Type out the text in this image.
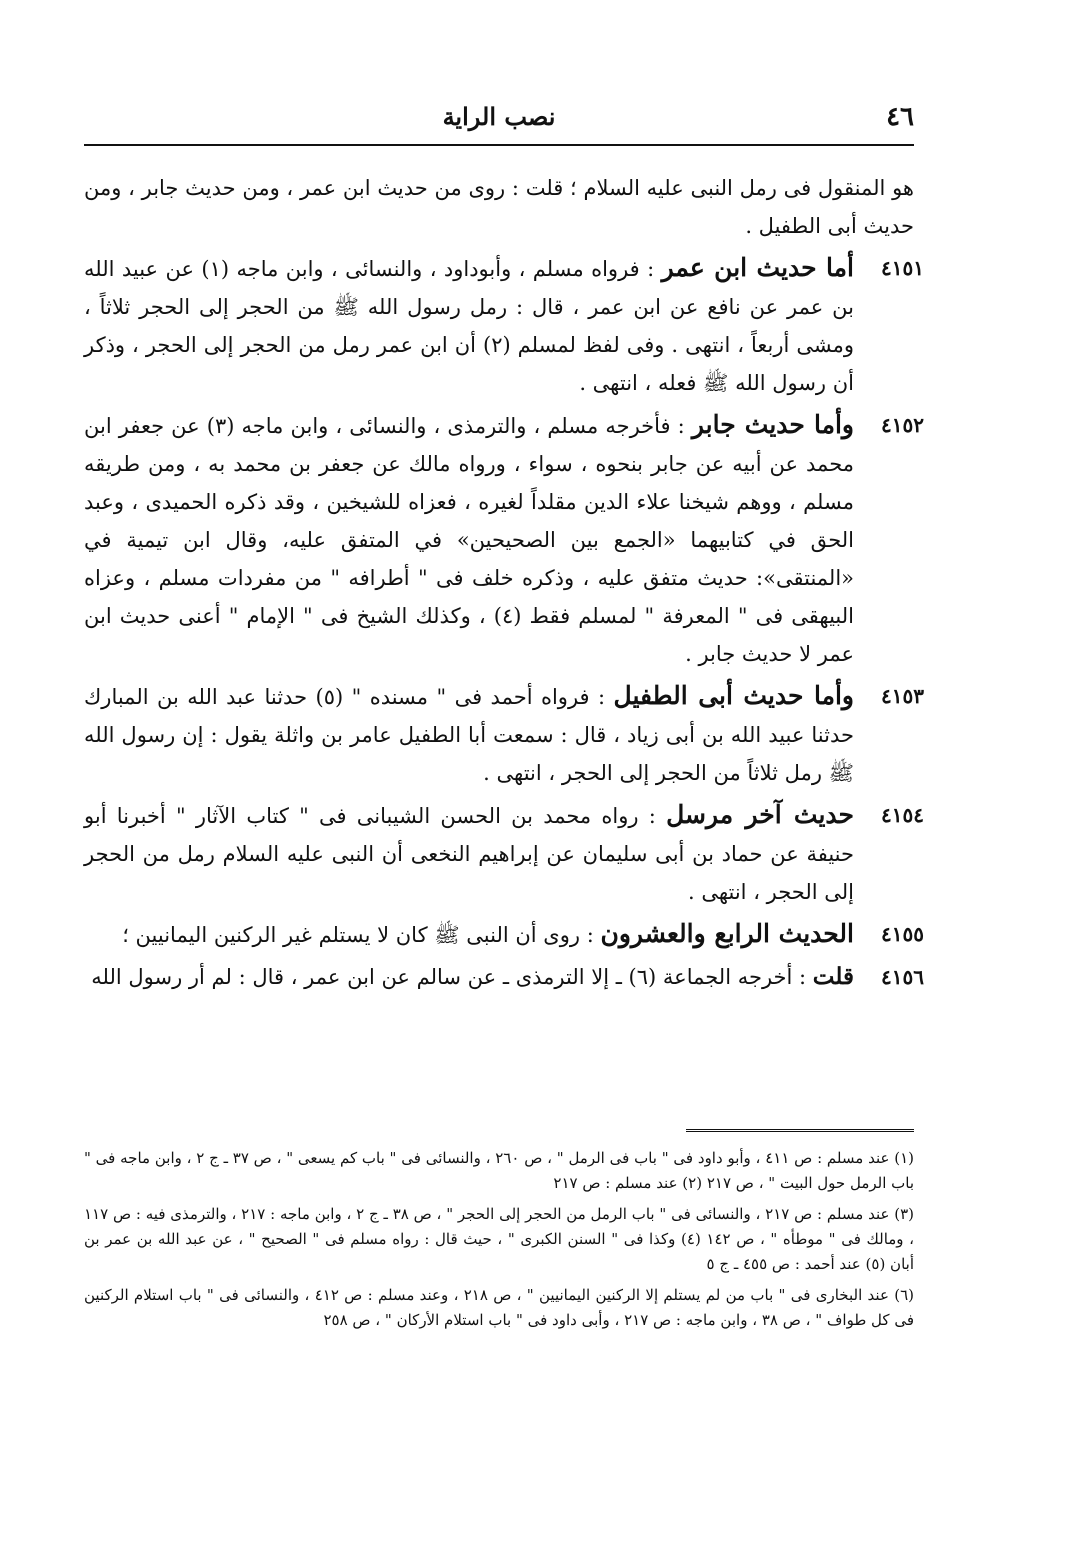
٤٦
نصب الراية

هو المنقول فى رمل النبى عليه السلام ؛ قلت : روى من حديث ابن عمر ، ومن حديث جابر ، ومن حديث أبى الطفيل .

٤١٥١
أما حديث ابن عمر : فرواه مسلم ، وأبوداود ، والنسائى ، وابن ماجه (١) عن عبيد الله بن عمر عن نافع عن ابن عمر ، قال : رمل رسول الله ﷺ من الحجر إلى الحجر ثلاثاً ، ومشى أربعاً ، انتهى . وفى لفظ لمسلم (٢) أن ابن عمر رمل من الحجر إلى الحجر ، وذكر أن رسول الله ﷺ فعله ، انتهى .

٤١٥٢
وأما حديث جابر : فأخرجه مسلم ، والترمذى ، والنسائى ، وابن ماجه (٣) عن جعفر ابن محمد عن أبيه عن جابر بنحوه ، سواء ، ورواه مالك عن جعفر بن محمد به ، ومن طريقه مسلم ، ووهم شيخنا علاء الدين مقلداً لغيره ، فعزاه للشيخين ، وقد ذكره الحميدى ، وعبد الحق في كتابيهما «الجمع بين الصحيحين» في المتفق عليه، وقال ابن تيمية في «المنتقى»: حديث متفق عليه ، وذكره خلف فى " أطرافه " من مفردات مسلم ، وعزاه البيهقى فى " المعرفة " لمسلم فقط (٤) ، وكذلك الشيخ فى " الإمام " أعنى حديث ابن عمر لا حديث جابر .

٤١٥٣
وأما حديث أبى الطفيل : فرواه أحمد فى " مسنده " (٥) حدثنا عبد الله بن المبارك حدثنا عبيد الله بن أبى زياد ، قال : سمعت أبا الطفيل عامر بن واثلة يقول : إن رسول الله ﷺ رمل ثلاثاً من الحجر إلى الحجر ، انتهى .

٤١٥٤
حديث آخر مرسل : رواه محمد بن الحسن الشيبانى فى " كتاب الآثار " أخبرنا أبو حنيفة عن حماد بن أبى سليمان عن إبراهيم النخعى أن النبى عليه السلام رمل من الحجر إلى الحجر ، انتهى .

٤١٥٥
الحديث الرابع والعشرون : روى أن النبى ﷺ كان لا يستلم غير الركنين اليمانيين ؛

٤١٥٦
قلت : أخرجه الجماعة (٦) ـ إلا الترمذى ـ عن سالم عن ابن عمر ، قال : لم أر رسول الله

(١) عند مسلم : ص ٤١١ ، وأبو داود فى " باب فى الرمل " ، ص ٢٦٠ ، والنسائى فى " باب كم يسعى " ، ص ٣٧ ـ ج ٢ ، وابن ماجه فى " باب الرمل حول البيت " ، ص ٢١٧ (٢) عند مسلم : ص ٢١٧

(٣) عند مسلم : ص ٢١٧ ، والنسائى فى " باب الرمل من الحجر إلى الحجر " ، ص ٣٨ ـ ج ٢ ، وابن ماجه : ٢١٧ ، والترمذى فيه : ص ١١٧ ، ومالك فى " موطأه " ، ص ١٤٢ (٤) وكذا فى " السنن الكبرى " ، حيث قال : رواه مسلم فى " الصحيح " ، عن عبد الله بن عمر بن أبان (٥) عند أحمد : ص ٤٥٥ ـ ج ٥

(٦) عند البخارى فى " باب من لم يستلم إلا الركنين اليمانيين " ، ص ٢١٨ ، وعند مسلم : ص ٤١٢ ، والنسائى فى " باب استلام الركنين فى كل طواف " ، ص ٣٨ ، وابن ماجه : ص ٢١٧ ، وأبى داود فى " باب استلام الأركان " ، ص ٢٥٨
